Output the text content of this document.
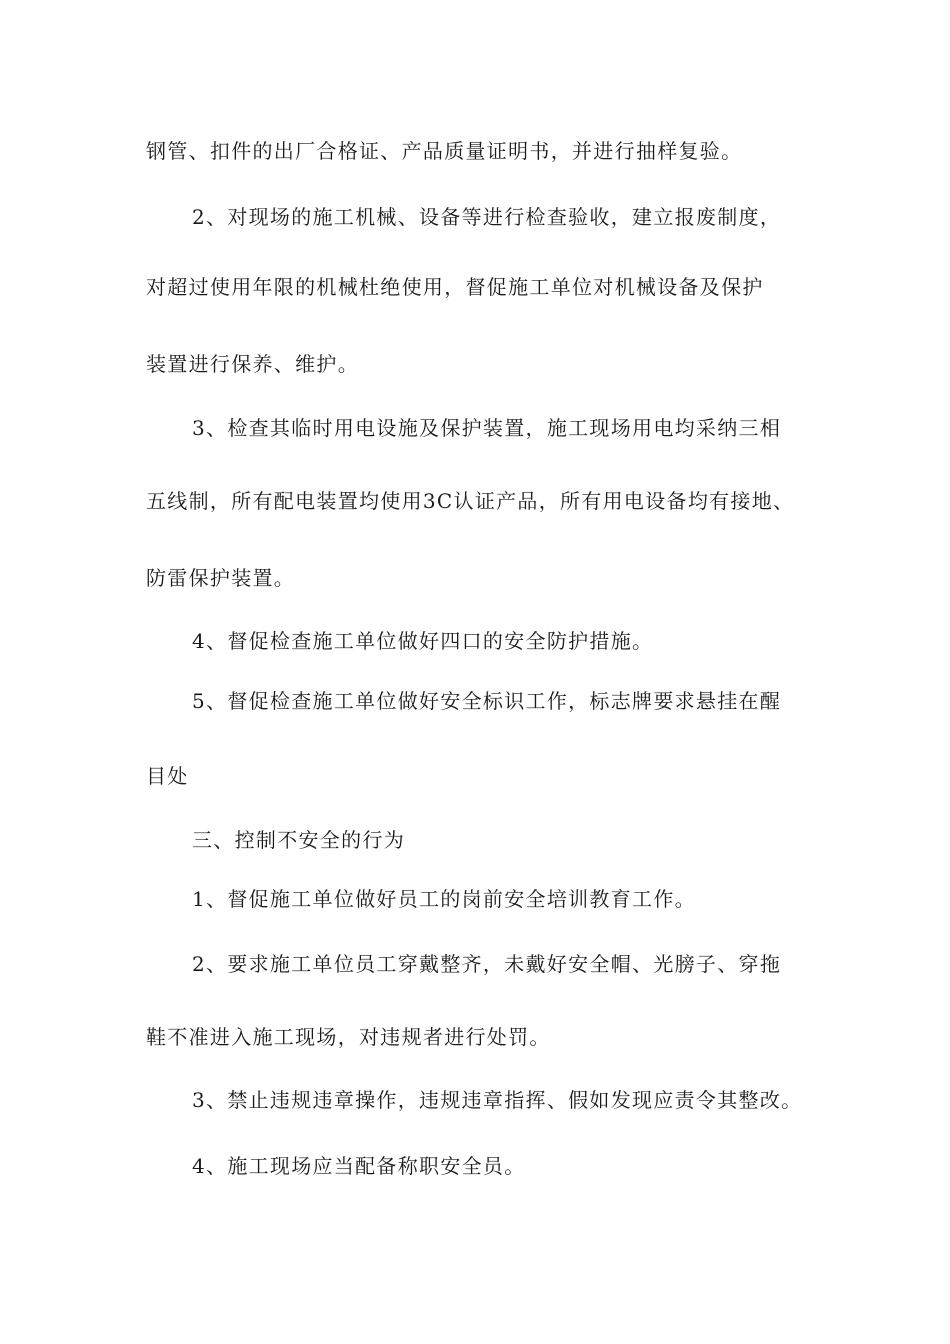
钢管、扣件的出厂合格证、产品质量证明书，并进行抽样复验。
2、对现场的施工机械、设备等进行检查验收，建立报废制度，
对超过使用年限的机械杜绝使用，督促施工单位对机械设备及保护
装置进行保养、维护。
3、检查其临时用电设施及保护装置，施工现场用电均采纳三相
五线制，所有配电装置均使用3C认证产品，所有用电设备均有接地、
防雷保护装置。
4、督促检查施工单位做好四口的安全防护措施。
5、督促检查施工单位做好安全标识工作，标志牌要求悬挂在醒
目处
三、控制不安全的行为
1、督促施工单位做好员工的岗前安全培训教育工作。
2、要求施工单位员工穿戴整齐，未戴好安全帽、光膀子、穿拖
鞋不准进入施工现场，对违规者进行处罚。
3、禁止违规违章操作，违规违章指挥、假如发现应责令其整改。
4、施工现场应当配备称职安全员。
